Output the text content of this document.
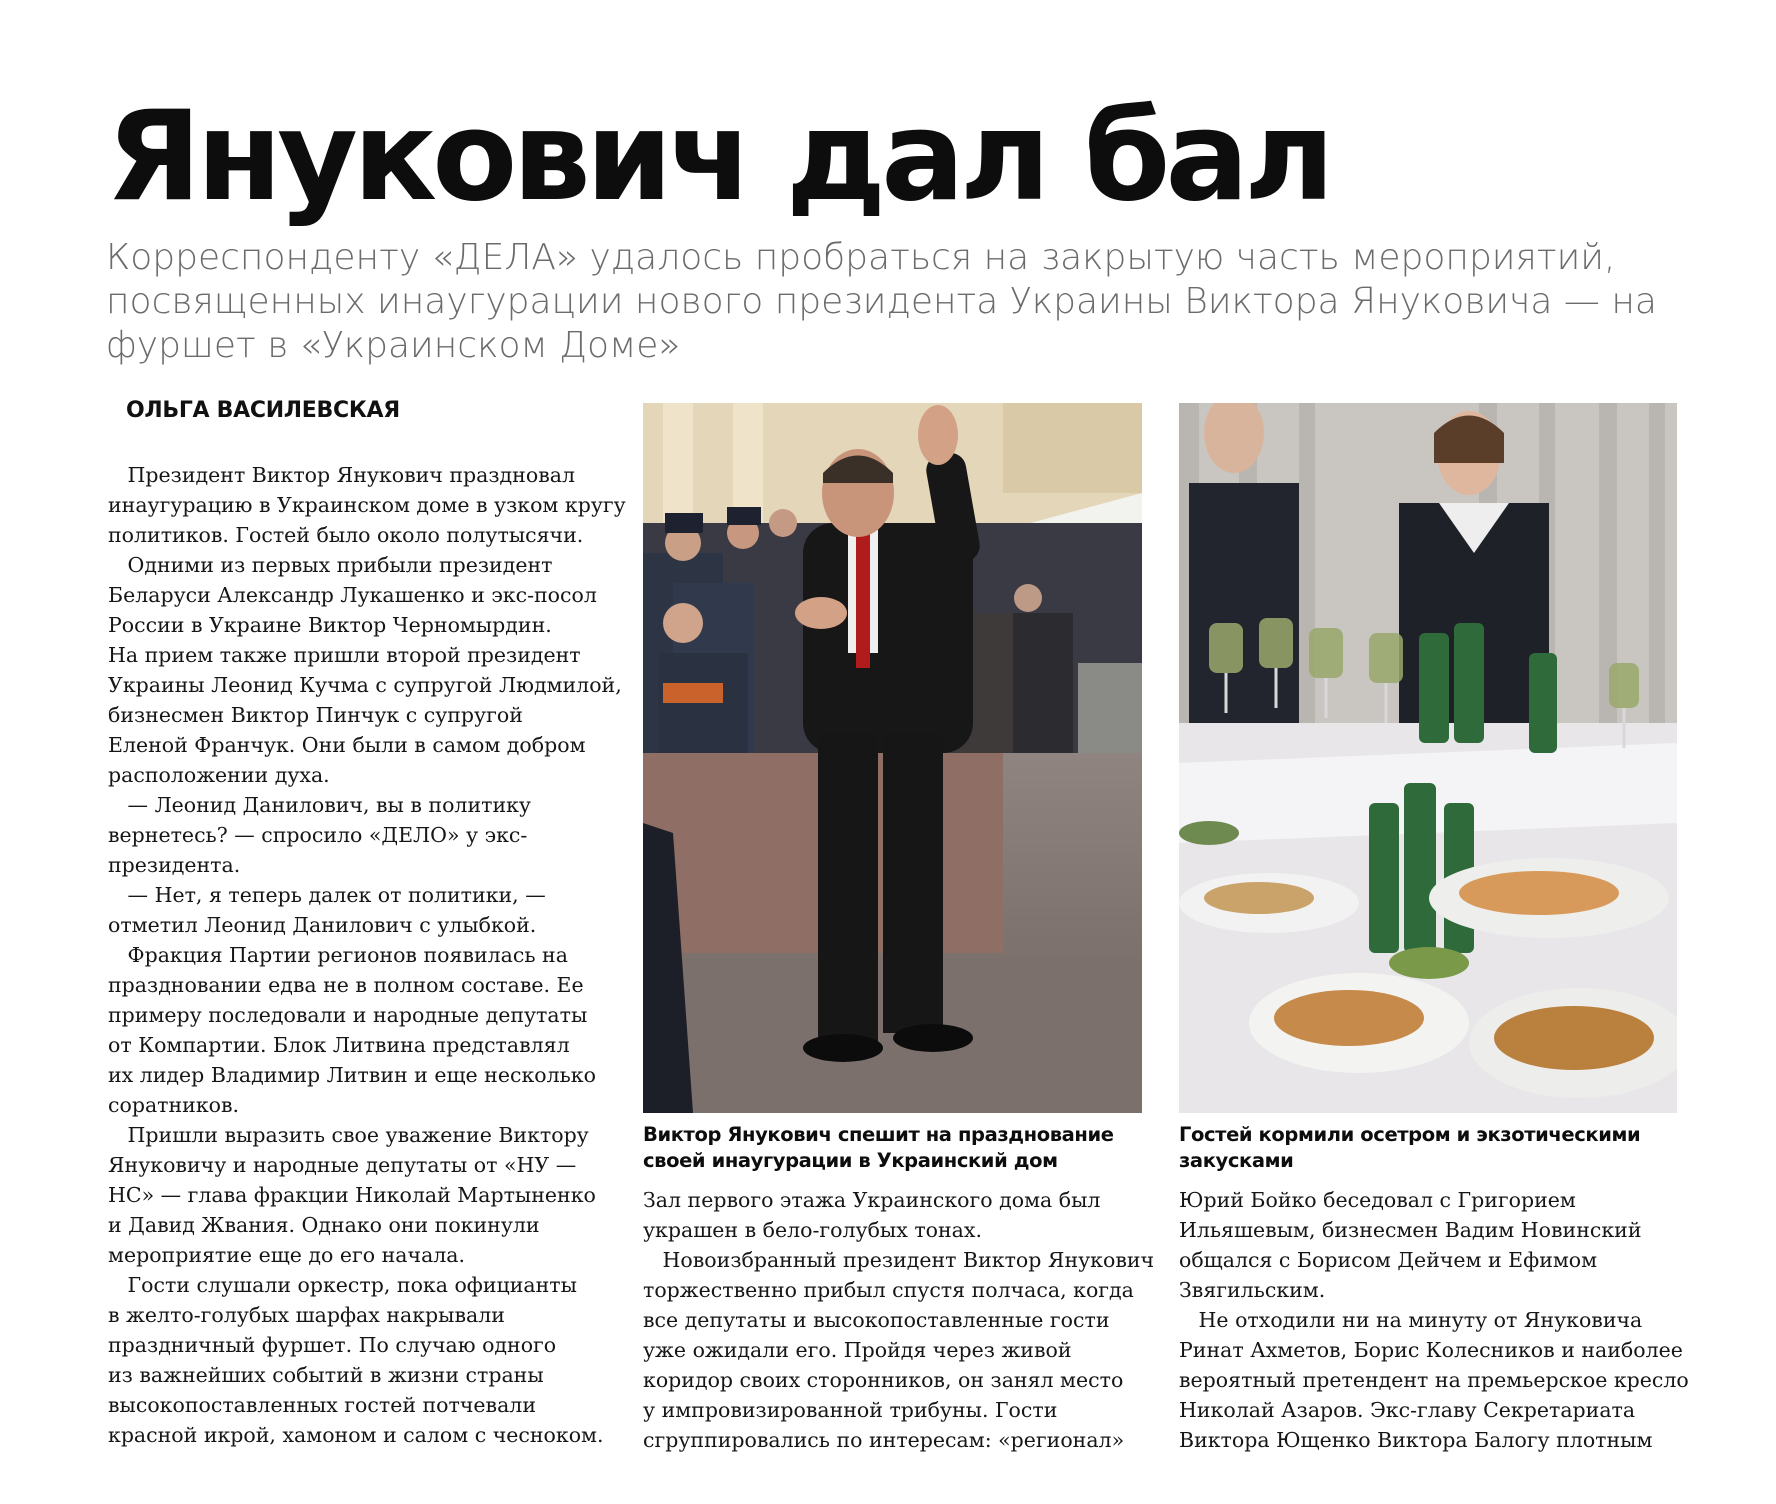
Янукович дал бал
Корреспонденту «ДЕЛА» удалось пробраться на закрытую часть мероприятий,
посвященных инаугурации нового президента Украины Виктора Януковича — на
фуршет в «Украинском Доме»
ОЛЬГА ВАСИЛЕВСКАЯ
Президент Виктор Янукович праздновал
инаугурацию в Украинском доме в узком кругу
политиков. Гостей было около полутысячи.
Одними из первых прибыли президент
Беларуси Александр Лукашенко и экс-посол
России в Украине Виктор Черномырдин.
На прием также пришли второй президент
Украины Леонид Кучма с супругой Людмилой,
бизнесмен Виктор Пинчук с супругой
Еленой Франчук. Они были в самом добром
расположении духа.
— Леонид Данилович, вы в политику
вернетесь? — спросило «ДЕЛО» у экс-
президента.
— Нет, я теперь далек от политики, —
отметил Леонид Данилович с улыбкой.
Фракция Партии регионов появилась на
праздновании едва не в полном составе. Ее
примеру последовали и народные депутаты
от Компартии. Блок Литвина представлял
их лидер Владимир Литвин и еще несколько
соратников.
Пришли выразить свое уважение Виктору
Януковичу и народные депутаты от «НУ —
НС» — глава фракции Николай Мартыненко
и Давид Жвания. Однако они покинули
мероприятие еще до его начала.
Гости слушали оркестр, пока официанты
в желто-голубых шарфах накрывали
праздничный фуршет. По случаю одного
из важнейших событий в жизни страны
высокопоставленных гостей потчевали
красной икрой, хамоном и салом с чесноком.
Виктор Янукович спешит на празднование
своей инаугурации в Украинский дом
Гостей кормили осетром и экзотическими
закусками
Зал первого этажа Украинского дома был
украшен в бело-голубых тонах.
Новоизбранный президент Виктор Янукович
торжественно прибыл спустя полчаса, когда
все депутаты и высокопоставленные гости
уже ожидали его. Пройдя через живой
коридор своих сторонников, он занял место
у импровизированной трибуны. Гости
сгруппировались по интересам: «регионал»
Юрий Бойко беседовал с Григорием
Ильяшевым, бизнесмен Вадим Новинский
общался с Борисом Дейчем и Ефимом
Звягильским.
Не отходили ни на минуту от Януковича
Ринат Ахметов, Борис Колесников и наиболее
вероятный претендент на премьерское кресло
Николай Азаров. Экс-главу Секретариата
Виктора Ющенко Виктора Балогу плотным
